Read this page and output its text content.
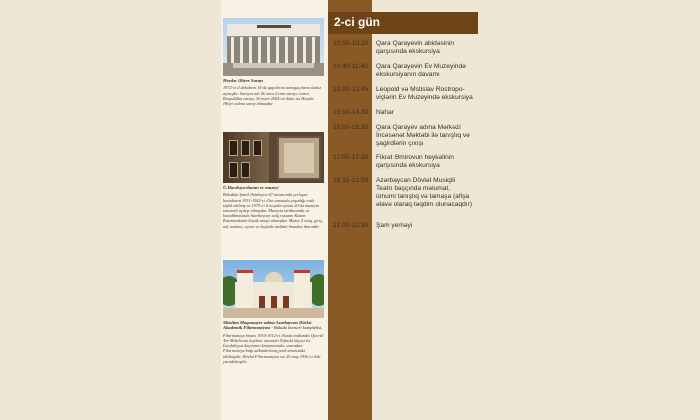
Heydər Əliyev Sarayı
1972-ci il dekabrın 14-də qapılarını tamaşaçıların üzünə açmışdır. Sarayın adı ilk öncə Lenin sarayı, sonra Respublika sarayı, 30 mart 2004-cü ildən isə Heydər Əliyev adına saray olmuşdur.
Ü.Hacıbəyovlunun ev muzeyi
Bakıdakı Şəmil Əzizbəyov 67 ünvanında yerləşən bəstəkarın 1915-1942-ci illər arasında yaşadığı evdə təşkil edilmiş və 1975-ci il noyabr ayının 20-də muzeyin təntənəli açılışı olmuşdur. Muzeyin tərtibatında və bəzədilməsində Azərbaycan xalq rəssamı Kazım Kazımzadənin böyük əməyi olmuşdur. Muzey 4 otaq, giriş, zal, mətbəx, eyvan və həyətdə inzibati binadan ibarətdir.
Müslüm Maqomayev adına Azərbaycan Dövlət Akademik Filarmoniyası - Bakıda konsert kompleksi.
Filarmoniya binası 1910-1912-ci illərdə mühəndis Qavriil Ter-Mikelovun layihəsi əsasında Nijinski küçəsi ilə İstiqlaliyyət küçəsinin kəsişməsində, sonradan Filarmoniya bağı adlandırılmış park ərazisində tikilmişdir. Dövlət Filarmoniyası isə 25 may 1936-cı ildə yaradılmışdır.
2-ci gün
10:00-10:20	Qara Qarayevin abidəsinin
qarşısında ekskursiya
10:40-11:40	Qara Qarayevin Ev Muzeyində
ekskursiyanın davamı
12:00-12:45	Leopold və Mstislav Rostropo-
viçlərin Ev Muzeyində ekskursiya
13:00-14:30	Nahar
15:00-16:30	Qara Qarayev adına Mərkəzi
İncəsənət Məktəbi ilə tanışlıq və
şagirdlərin çıxışı
17:00-17:30	Fikrət Əmirovun heykəlinin
qarşısında ekskursiya
18:15-21:00	Azərbaycan Dövlət Musiqili
Teatrı başçında məlumat,
ümumi tanışlıq və tamaşa (afişa
əlavə olaraq təqdim olunacaqdır)
21:00-22:30	Şam yeməyi
